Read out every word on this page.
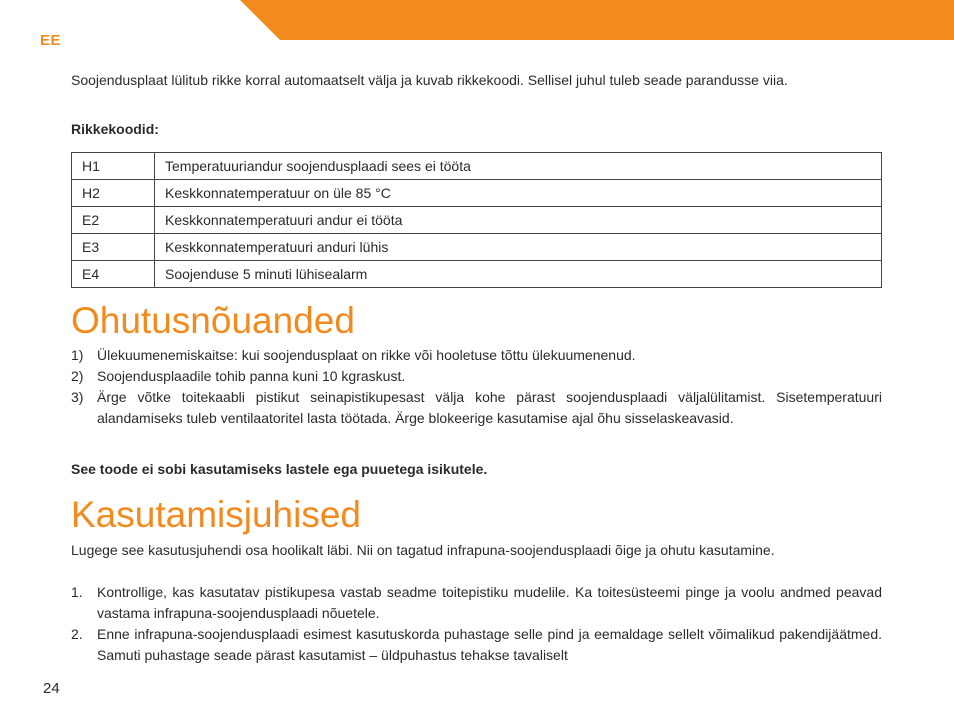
EE

Soojendusplaat lülitub rikke korral automaatselt välja ja kuvab rikkekoodi. Sellisel juhul tuleb seade parandusse viia.

Rikkekoodid:

H1	Temperatuuriandur soojendusplaadi sees ei tööta
H2	Keskkonnatemperatuur on üle 85 °C
E2	Keskkonnatemperatuuri andur ei tööta
E3	Keskkonnatemperatuuri anduri lühis
E4	Soojenduse 5 minuti lühisealarm
Ohutusnõuanded
1) Ülekuumenemiskaitse: kui soojendusplaat on rikke või hooletuse tõttu ülekuumenenud.
2) Soojendusplaadile tohib panna kuni 10 kgraskust.
3) Ärge võtke toitekaabli pistikut seinapistikupesast välja kohe pärast soojendusplaadi väljalülitamist. Sisetemperatuuri alandamiseks tuleb ventilaatoritel lasta töötada. Ärge blokeerige kasutamise ajal õhu sisselaskeavasid.

See toode ei sobi kasutamiseks lastele ega puuetega isikutele.

Kasutamisjuhised

Lugege see kasutusjuhendi osa hoolikalt läbi. Nii on tagatud infrapuna-soojendusplaadi õige ja ohutu kasutamine.

1. Kontrollige, kas kasutatav pistikupesa vastab seadme toitepistiku mudelile. Ka toitesüsteemi pinge ja voolu andmed peavad vastama infrapuna-soojendusplaadi nõuetele.
2. Enne infrapuna-soojendusplaadi esimest kasutuskorda puhastage selle pind ja eemaldage sellelt võimalikud pakendijäätmed. Samuti puhastage seade pärast kasutamist – üldpuhastus tehakse tavaliselt
24
